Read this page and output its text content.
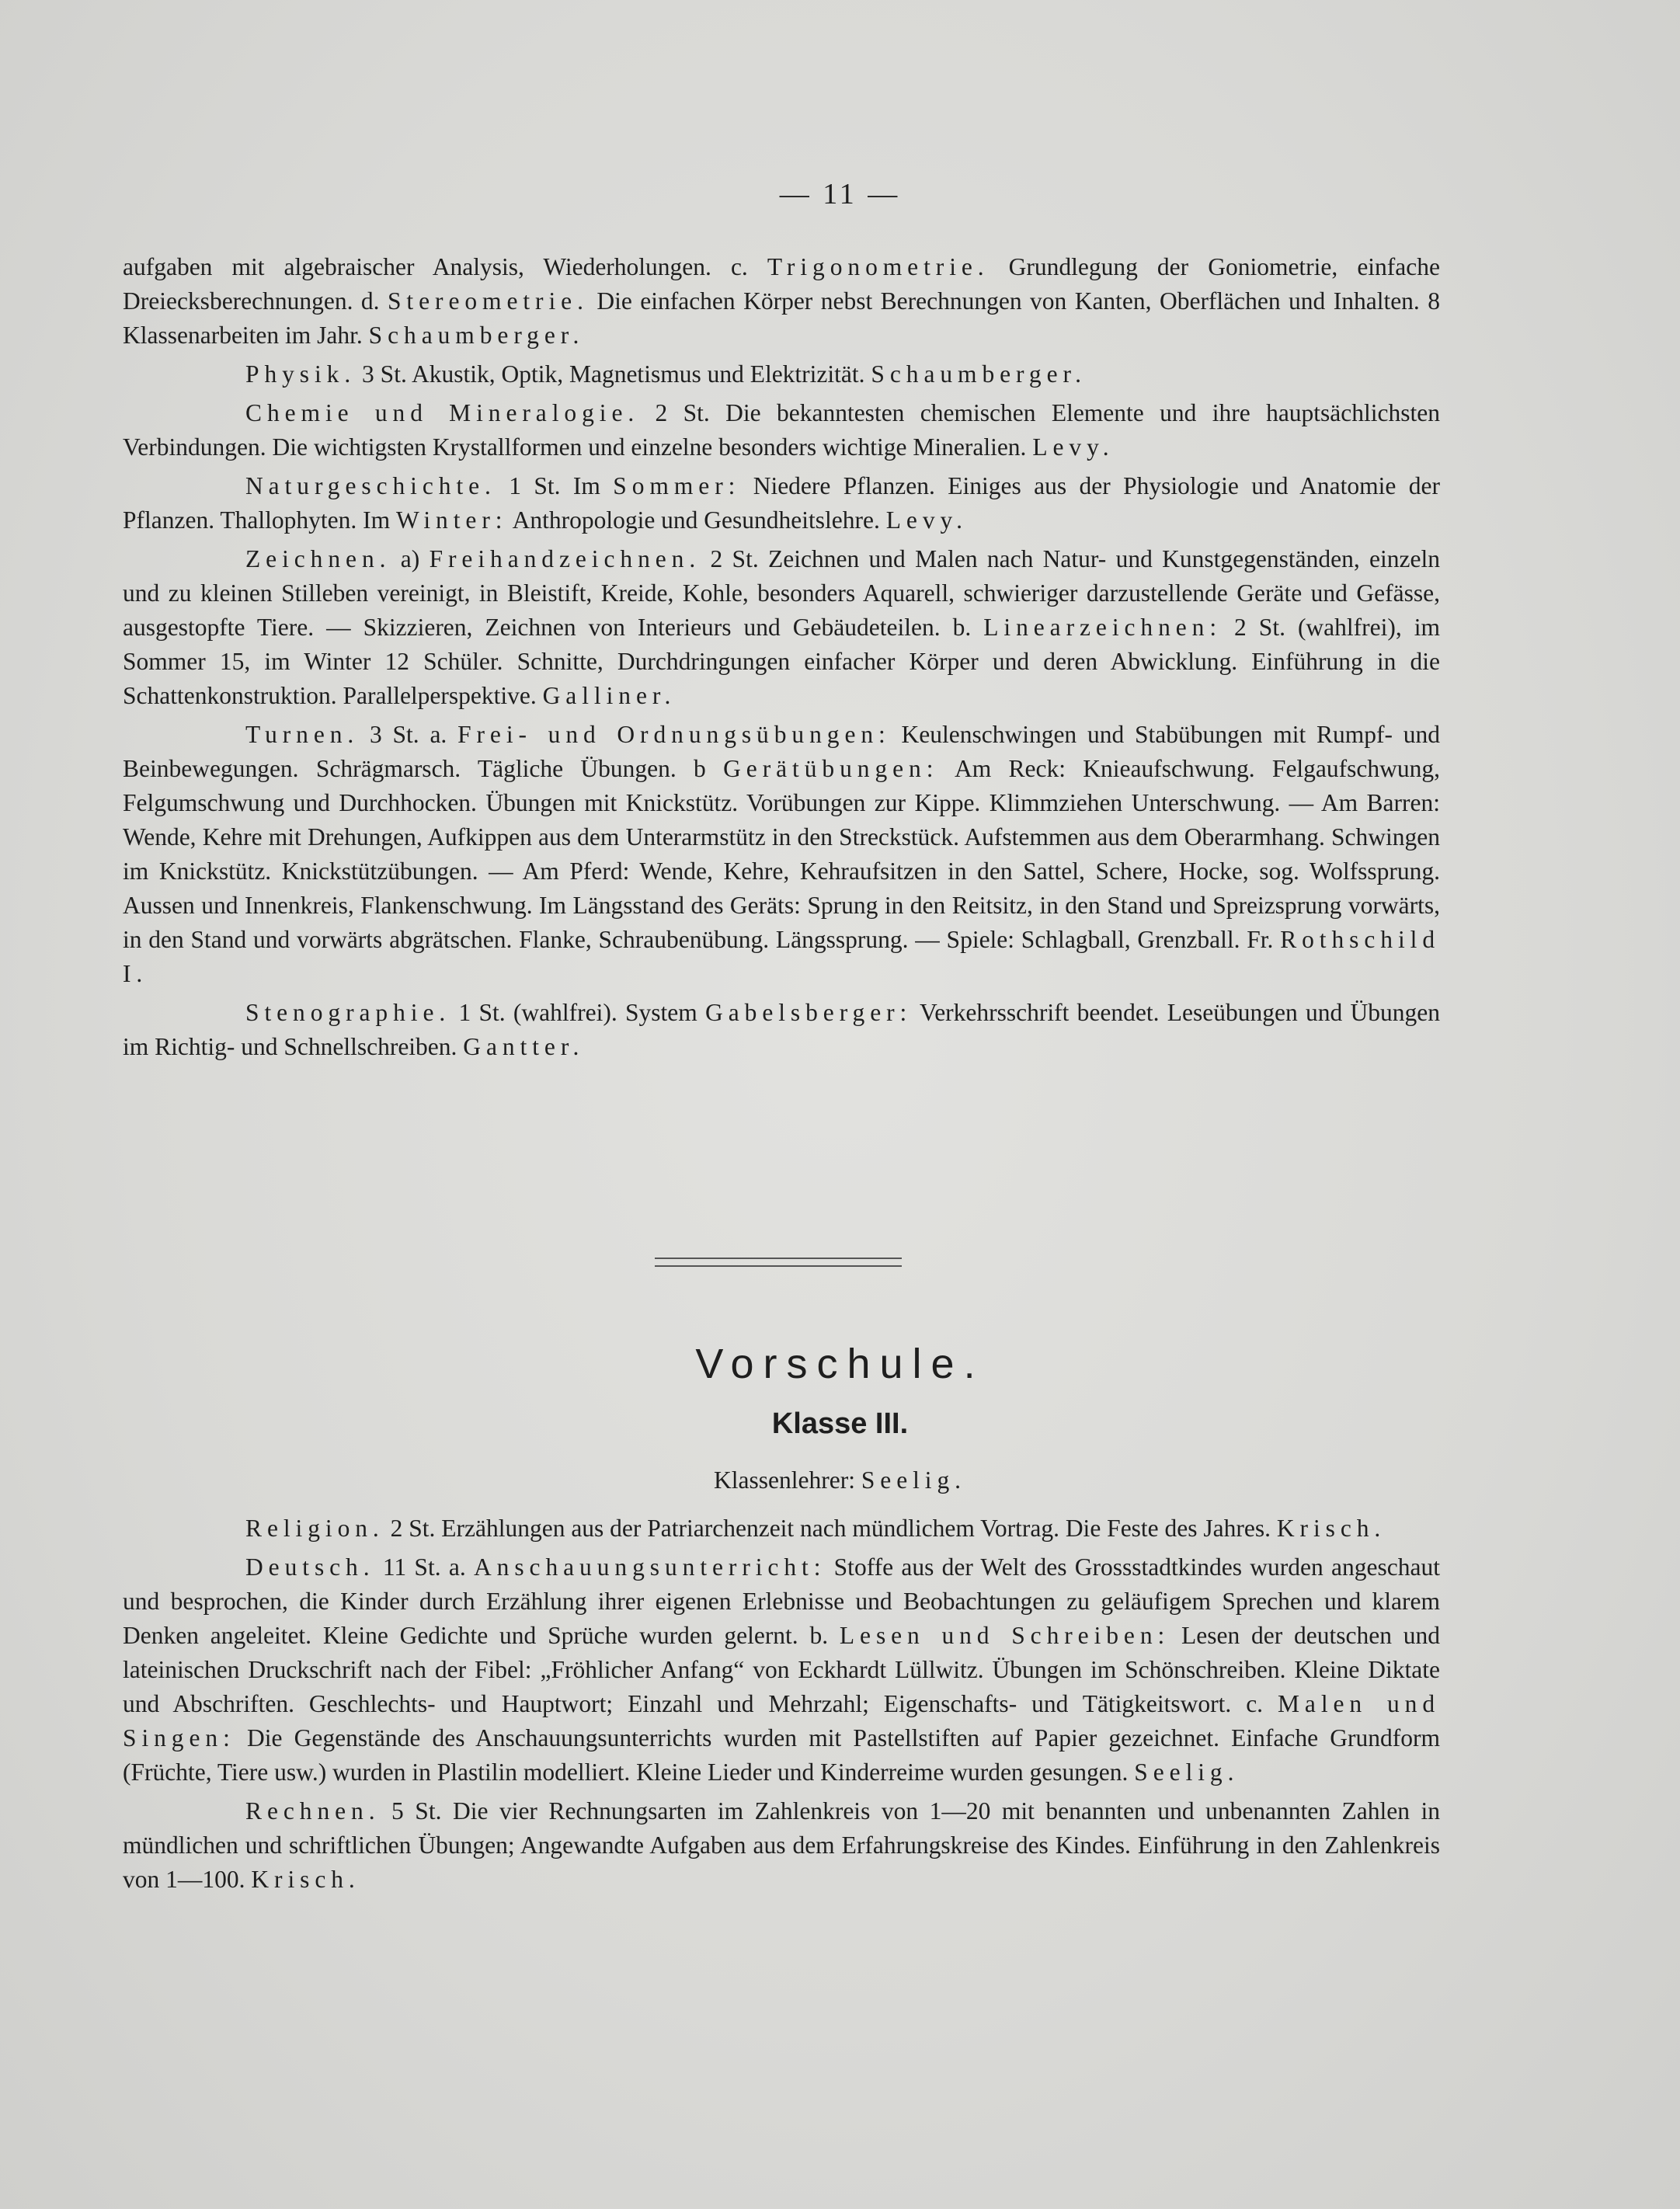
— 11 —

aufgaben mit algebraischer Analysis, Wiederholungen. c. Trigonometrie. Grundlegung der Goniometrie, einfache Dreiecksberechnungen. d. Stereometrie. Die einfachen Körper nebst Berechnungen von Kanten, Oberflächen und Inhalten. 8 Klassenarbeiten im Jahr. Schaumberger.

Physik. 3 St. Akustik, Optik, Magnetismus und Elektrizität. Schaumberger.

Chemie und Mineralogie. 2 St. Die bekanntesten chemischen Elemente und ihre hauptsächlichsten Verbindungen. Die wichtigsten Krystallformen und einzelne besonders wichtige Mineralien. Levy.

Naturgeschichte. 1 St. Im Sommer: Niedere Pflanzen. Einiges aus der Physiologie und Anatomie der Pflanzen. Thallophyten. Im Winter: Anthropologie und Gesundheitslehre. Levy.

Zeichnen. a) Freihandzeichnen. 2 St. Zeichnen und Malen nach Natur- und Kunstgegenständen, einzeln und zu kleinen Stilleben vereinigt, in Bleistift, Kreide, Kohle, besonders Aquarell, schwieriger darzustellende Geräte und Gefässe, ausgestopfte Tiere. — Skizzieren, Zeichnen von Interieurs und Gebäudeteilen. b. Linearzeichnen: 2 St. (wahlfrei), im Sommer 15, im Winter 12 Schüler. Schnitte, Durchdringungen einfacher Körper und deren Abwicklung. Einführung in die Schattenkonstruktion. Parallelperspektive. Galliner.

Turnen. 3 St. a. Frei- und Ordnungsübungen: Keulenschwingen und Stabübungen mit Rumpf- und Beinbewegungen. Schrägmarsch. Tägliche Übungen. b Gerätübungen: Am Reck: Knieaufschwung. Felgaufschwung, Felgumschwung und Durchhocken. Übungen mit Knickstütz. Vorübungen zur Kippe. Klimmziehen Unterschwung. — Am Barren: Wende, Kehre mit Drehungen, Aufkippen aus dem Unterarmstütz in den Streckstück. Aufstemmen aus dem Oberarmhang. Schwingen im Knickstütz. Knickstützübungen. — Am Pferd: Wende, Kehre, Kehraufsitzen in den Sattel, Schere, Hocke, sog. Wolfssprung. Aussen und Innenkreis, Flankenschwung. Im Längsstand des Geräts: Sprung in den Reitsitz, in den Stand und Spreizsprung vorwärts, in den Stand und vorwärts abgrätschen. Flanke, Schraubenübung. Längssprung. — Spiele: Schlagball, Grenzball. Fr. Rothschild I.

Stenographie. 1 St. (wahlfrei). System Gabelsberger: Verkehrsschrift beendet. Leseübungen und Übungen im Richtig- und Schnellschreiben. Gantter.

Vorschule.
Klasse III.
Klassenlehrer: Seelig.

Religion. 2 St. Erzählungen aus der Patriarchenzeit nach mündlichem Vortrag. Die Feste des Jahres. Krisch.

Deutsch. 11 St. a. Anschauungsunterricht: Stoffe aus der Welt des Grossstadtkindes wurden angeschaut und besprochen, die Kinder durch Erzählung ihrer eigenen Erlebnisse und Beobachtungen zu geläufigem Sprechen und klarem Denken angeleitet. Kleine Gedichte und Sprüche wurden gelernt. b. Lesen und Schreiben: Lesen der deutschen und lateinischen Druckschrift nach der Fibel: „Fröhlicher Anfang“ von Eckhardt Lüllwitz. Übungen im Schönschreiben. Kleine Diktate und Abschriften. Geschlechts- und Hauptwort; Einzahl und Mehrzahl; Eigenschafts- und Tätigkeitswort. c. Malen und Singen: Die Gegenstände des Anschauungsunterrichts wurden mit Pastellstiften auf Papier gezeichnet. Einfache Grundform (Früchte, Tiere usw.) wurden in Plastilin modelliert. Kleine Lieder und Kinderreime wurden gesungen. Seelig.

Rechnen. 5 St. Die vier Rechnungsarten im Zahlenkreis von 1—20 mit benannten und unbenannten Zahlen in mündlichen und schriftlichen Übungen; Angewandte Aufgaben aus dem Erfahrungskreise des Kindes. Einführung in den Zahlenkreis von 1—100. Krisch.
